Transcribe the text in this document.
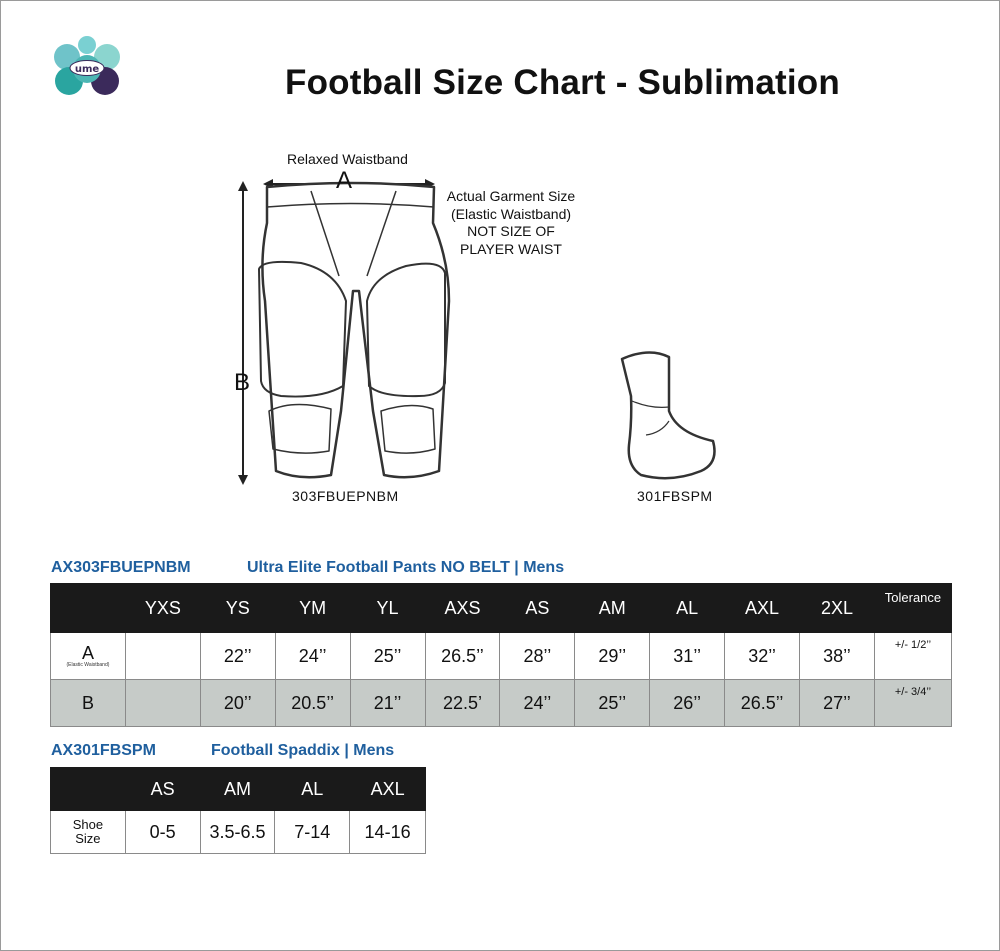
ume	Football Size Chart - Sublimation
Relaxed Waistband
A
B
Actual Garment Size
(Elastic Waistband)
NOT SIZE OF
PLAYER WAIST
303FBUEPNBM	301FBSPM
AX303FBUEPNBM	Ultra Elite Football Pants NO BELT | Mens
	YXS	YS	YM	YL	AXS	AS	AM	AL	AXL	2XL	Tolerance

A
(Elastic Waistband)		22’’	24’’	25’’	26.5’’	28’’	29’’	31’’	32’’	38’’	+/- 1/2’’

B		20’’	20.5’’	21’’	22.5’	24’’	25’’	26’’	26.5’’	27’’	+/- 3/4’’
AX301FBSPM	Football Spaddix | Mens
	AS	AM	AL	AXL

Shoe
Size	0-5	3.5-6.5	7-14	14-16
